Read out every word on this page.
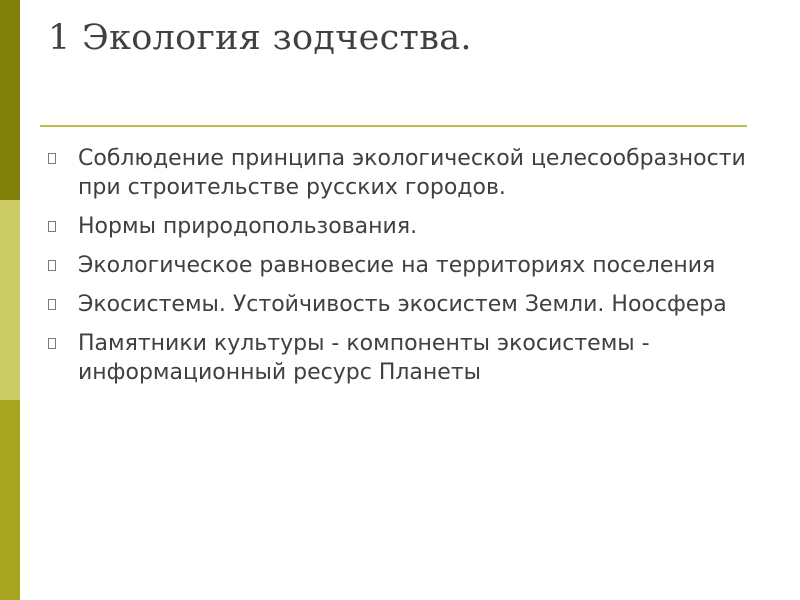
1 Экология зодчества.
Соблюдение принципа экологической целесообразности при строительстве русских городов.
Нормы природопользования.
Экологическое равновесие на территориях поселения
Экосистемы. Устойчивость экосистем Земли. Ноосфера
Памятники культуры - компоненты экосистемы - информационный ресурс Планеты
